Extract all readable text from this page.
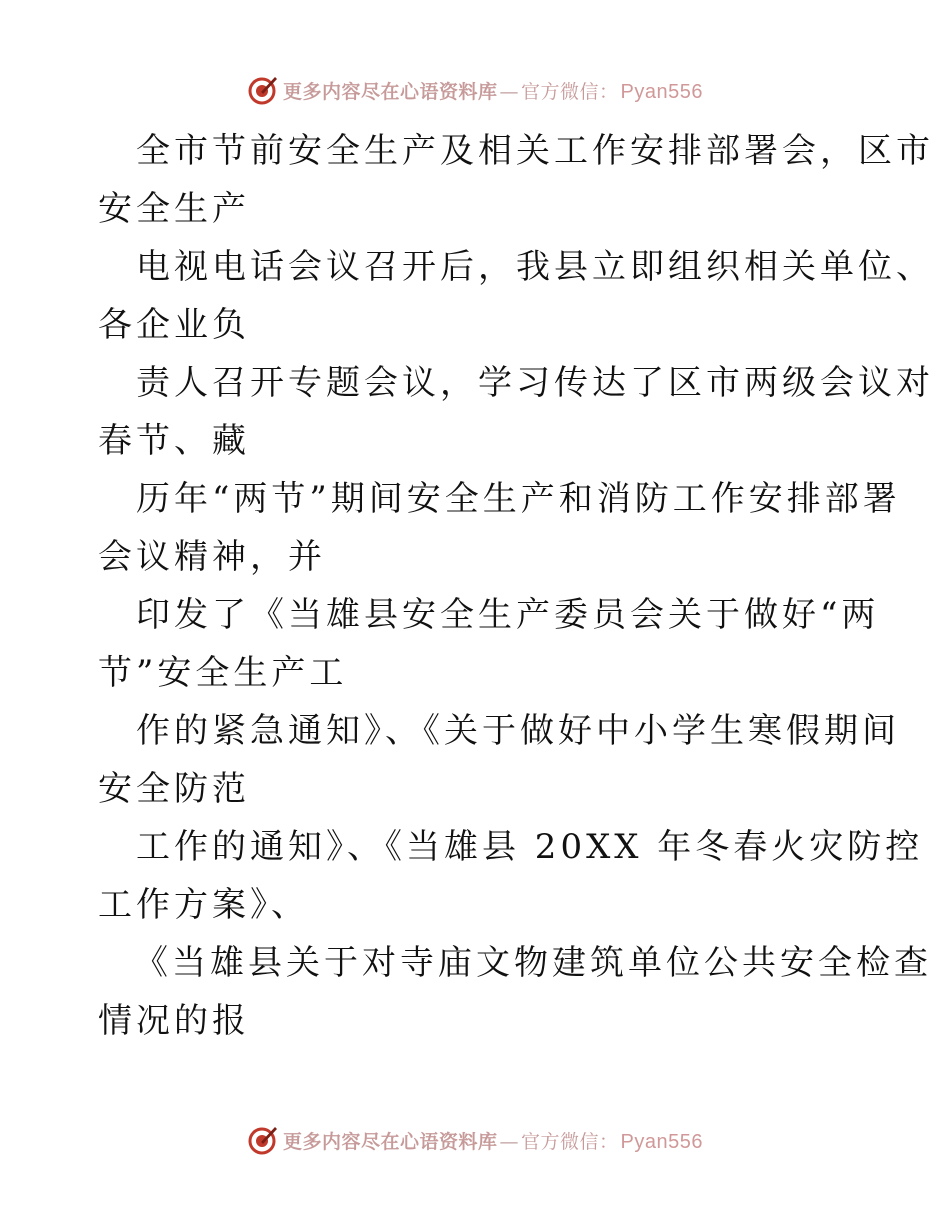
更多内容尽在心语资料库 — 官方微信： Pyan556
全市节前安全生产及相关工作安排部署会，区市
安全生产
电视电话会议召开后，我县立即组织相关单位、
各企业负
责人召开专题会议，学习传达了区市两级会议对
春节、藏
历年“两节”期间安全生产和消防工作安排部署
会议精神，并
印发了《当雄县安全生产委员会关于做好“两
节”安全生产工
作的紧急通知》、《关于做好中小学生寒假期间
安全防范
工作的通知》、《当雄县 20XX 年冬春火灾防控
工作方案》、
《当雄县关于对寺庙文物建筑单位公共安全检查
情况的报
更多内容尽在心语资料库 — 官方微信： Pyan556
